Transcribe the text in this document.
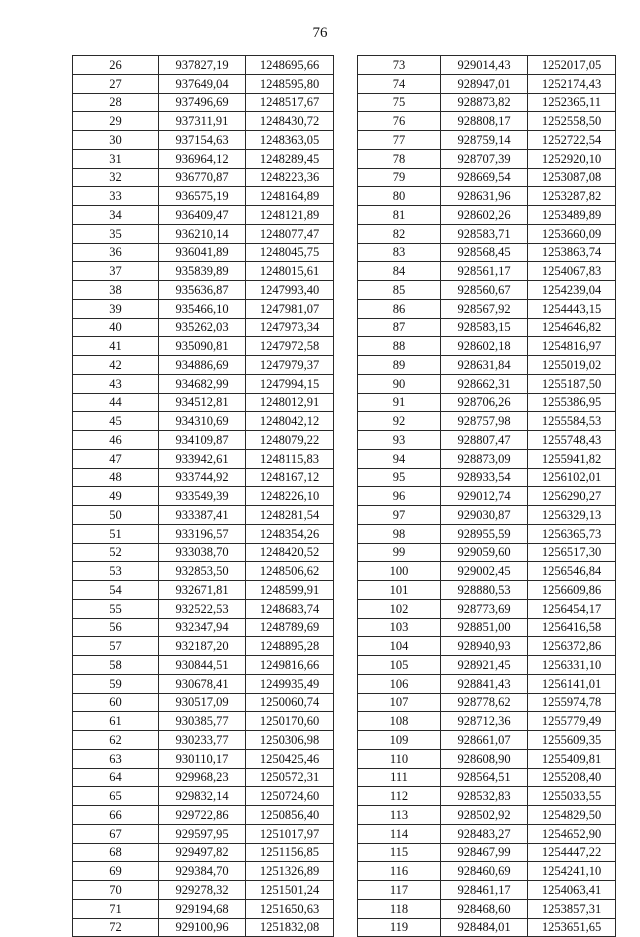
76
26	937827,19	1248695,66
27	937649,04	1248595,80
28	937496,69	1248517,67
29	937311,91	1248430,72
30	937154,63	1248363,05
31	936964,12	1248289,45
32	936770,87	1248223,36
33	936575,19	1248164,89
34	936409,47	1248121,89
35	936210,14	1248077,47
36	936041,89	1248045,75
37	935839,89	1248015,61
38	935636,87	1247993,40
39	935466,10	1247981,07
40	935262,03	1247973,34
41	935090,81	1247972,58
42	934886,69	1247979,37
43	934682,99	1247994,15
44	934512,81	1248012,91
45	934310,69	1248042,12
46	934109,87	1248079,22
47	933942,61	1248115,83
48	933744,92	1248167,12
49	933549,39	1248226,10
50	933387,41	1248281,54
51	933196,57	1248354,26
52	933038,70	1248420,52
53	932853,50	1248506,62
54	932671,81	1248599,91
55	932522,53	1248683,74
56	932347,94	1248789,69
57	932187,20	1248895,28
58	930844,51	1249816,66
59	930678,41	1249935,49
60	930517,09	1250060,74
61	930385,77	1250170,60
62	930233,77	1250306,98
63	930110,17	1250425,46
64	929968,23	1250572,31
65	929832,14	1250724,60
66	929722,86	1250856,40
67	929597,95	1251017,97
68	929497,82	1251156,85
69	929384,70	1251326,89
70	929278,32	1251501,24
71	929194,68	1251650,63
72	929100,96	1251832,08
73	929014,43	1252017,05
74	928947,01	1252174,43
75	928873,82	1252365,11
76	928808,17	1252558,50
77	928759,14	1252722,54
78	928707,39	1252920,10
79	928669,54	1253087,08
80	928631,96	1253287,82
81	928602,26	1253489,89
82	928583,71	1253660,09
83	928568,45	1253863,74
84	928561,17	1254067,83
85	928560,67	1254239,04
86	928567,92	1254443,15
87	928583,15	1254646,82
88	928602,18	1254816,97
89	928631,84	1255019,02
90	928662,31	1255187,50
91	928706,26	1255386,95
92	928757,98	1255584,53
93	928807,47	1255748,43
94	928873,09	1255941,82
95	928933,54	1256102,01
96	929012,74	1256290,27
97	929030,87	1256329,13
98	928955,59	1256365,73
99	929059,60	1256517,30
100	929002,45	1256546,84
101	928880,53	1256609,86
102	928773,69	1256454,17
103	928851,00	1256416,58
104	928940,93	1256372,86
105	928921,45	1256331,10
106	928841,43	1256141,01
107	928778,62	1255974,78
108	928712,36	1255779,49
109	928661,07	1255609,35
110	928608,90	1255409,81
111	928564,51	1255208,40
112	928532,83	1255033,55
113	928502,92	1254829,50
114	928483,27	1254652,90
115	928467,99	1254447,22
116	928460,69	1254241,10
117	928461,17	1254063,41
118	928468,60	1253857,31
119	928484,01	1253651,65
